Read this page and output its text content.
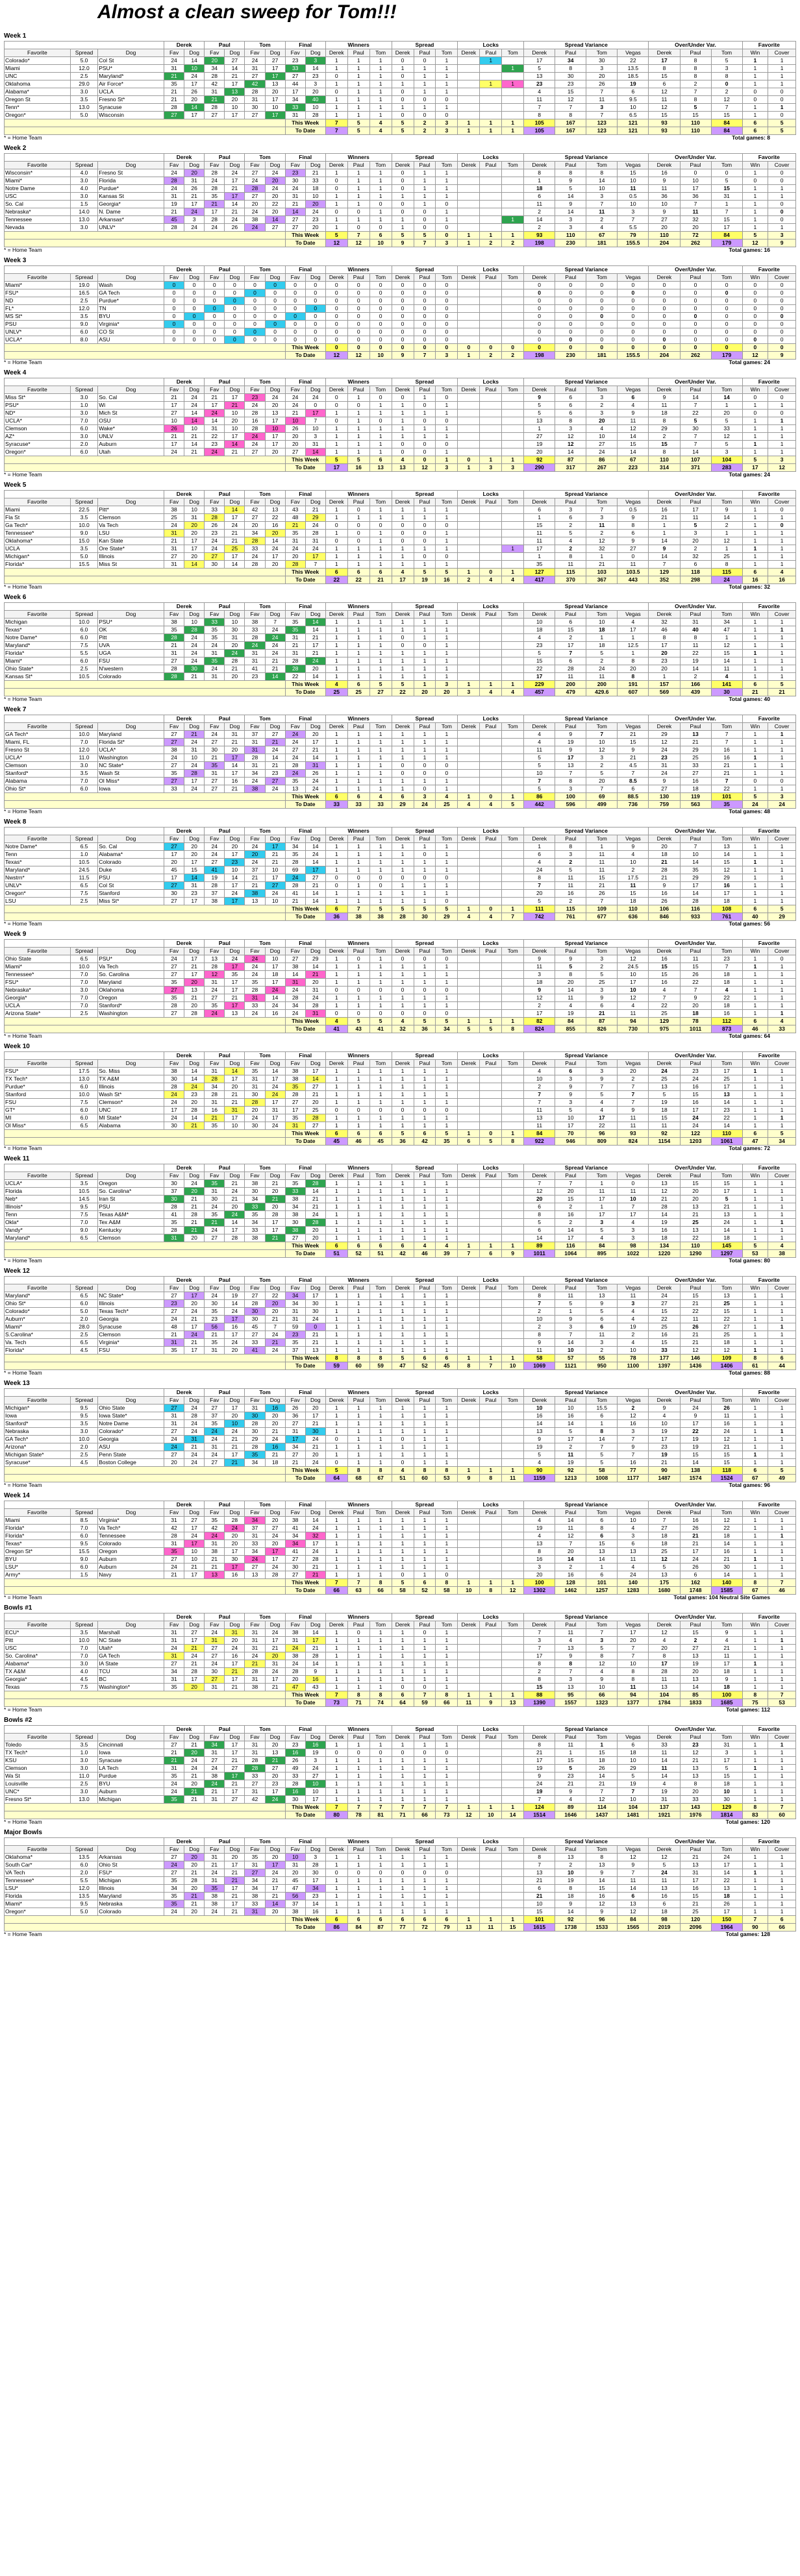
Almost a clean sweep for Tom!!!
Week 1
			Derek		Paul		Tom		Final		Winners			Spread			Locks			Spread Variance				Over/Under Var.			Favorite	
Favorite	Spread	Dog	Fav	Dog	Fav	Dog	Fav	Dog	Fav	Dog	Derek	Paul	Tom	Derek	Paul	Tom	Derek	Paul	Tom	Derek	Paul	Tom	Vegas	Derek	Paul	Tom	Win	Cover
Colorado*	5.0	Col St	24	14	20	27	24	27	23	3	1	1	1	0	0	1		1		17	34	30	22	17	8	5	1	1
Miami	12.0	PSU*	31	10	34	14	31	17	33	14	1	1	1	1	1	1			1	5	8	3	13.5	8	8	3	1	1
UNC	2.5	Maryland*	21	24	28	21	27	17	27	23	0	1	1	0	1	1				13	30	20	18.5	15	8	8	1	1
Oklahoma	29.0	Air Force*	35	17	42	17	42	13	44	3	1	1	1	1	1	1		1	1	23	23	26	19	6	2	0	1	1
Alabama*	3.0	UCLA	21	26	31	13	28	20	17	20	0	1	1	0	1	1				4	15	7	6	12	7	2	0	0
Oregon St	3.5	Fresno St*	21	20	21	20	31	17	34	40	1	1	1	0	0	0				11	12	11	9.5	11	8	12	0	0
Tenn*	13.0	Syracuse	28	14	28	10	30	10	33	10	1	1	1	1	1	1				7	7	3	10	12	5	7	1	1
Oregon*	5.0	Wisconsin	27	17	27	17	27	17	31	28	1	1	1	0	0	0				8	8	7	6.5	15	15	15	1	0
									This Week		7	5	4	5	2	3	1	1	1	105	167	123	121	93	110	84	6	5
									To Date		7	5	4	5	2	3	1	1	1	105	167	123	121	93	110	84	6	5
* = Home Team	Total games: 8
Week 2
			Derek		Paul		Tom		Final		Winners			Spread			Locks			Spread Variance				Over/Under Var.			Favorite	
Favorite	Spread	Dog	Fav	Dog	Fav	Dog	Fav	Dog	Fav	Dog	Derek	Paul	Tom	Derek	Paul	Tom	Derek	Paul	Tom	Derek	Paul	Tom	Vegas	Derek	Paul	Tom	Win	Cover
Wisconsin*	4.0	Fresno St	24	20	28	24	27	24	23	21	1	1	1	0	1	1				8	8	8	15	16	0	0	1	0
Miami*	3.0	Florida	28	31	24	17	24	20	30	33	0	1	1	0	1	1				1	9	14	10	9	10	5	0	0
Notre Dame	4.0	Purdue*	24	26	28	21	28	24	24	18	0	1	1	0	1	1				18	5	10	11	11	17	15	1	1
USC	3.0	Kansas St	31	21	35	17	27	20	31	10	1	1	1	1	1	1				6	14	3	0.5	36	36	31	1	1
So. Cal	1.5	Georgia*	19	17	21	14	20	22	21	20	1	1	0	0	1	0				11	9	7	10	10	7	1	1	0
Nebraska*	14.0	N. Dame	21	24	17	21	24	20	14	24	0	0	1	0	0	1				2	14	11	3	9	11	7	1	0
Tennessee	13.0	Arkansas*	45	3	28	24	38	14	27	23	1	1	1	1	0	1			1	14	3	2	7	27	32	15	1	0
Nevada	3.0	UNLV*	28	24	24	26	24	27	27	20	1	0	0	1	0	0				2	3	4	5.5	20	20	17	1	1
									This Week		5	7	6	5	5	0	1	1	1	93	110	67	79	110	72	84	5	3
									To Date		12	12	10	9	7	3	1	2	2	198	230	181	155.5	204	262	179	12	9
* = Home Team	Total games: 16
Week 3
			Derek		Paul		Tom		Final		Winners			Spread			Locks			Spread Variance				Over/Under Var.			Favorite	
Favorite	Spread	Dog	Fav	Dog	Fav	Dog	Fav	Dog	Fav	Dog	Derek	Paul	Tom	Derek	Paul	Tom	Derek	Paul	Tom	Derek	Paul	Tom	Vegas	Derek	Paul	Tom	Win	Cover
Miami*	19.0	Wash	0	0	0	0	0	0	0	0	0	0	0	0	0	0				0	0	0	0	0	0	0	0	0
FSU*	16.5	GA Tech	0	0	0	0	0	0	0	0	0	0	0	0	0	0				0	0	0	0	0	0	0	0	0
ND	2.5	Purdue*	0	0	0	0	0	0	0	0	0	0	0	0	0	0				0	0	0	0	0	0	0	0	0
FL*	12.0	TN	0	0	0	0	0	0	0	0	0	0	0	0	0	0				0	0	0	0	0	0	0	0	0
MS St*	3.5	BYU	0	0	0	0	0	0	0	0	0	0	0	0	0	0				0	0	0	0	0	0	0	0	0
PSU	9.0	Virginia*	0	0	0	0	0	0	0	0	0	0	0	0	0	0				0	0	0	0	0	0	0	0	0
UNLV*	6.0	CO St	0	0	0	0	0	0	0	0	0	0	0	0	0	0				0	0	0	0	0	0	0	0	0
UCLA*	8.0	ASU	0	0	0	0	0	0	0	0	0	0	0	0	0	0				0	0	0	0	0	0	0	0	0
									This Week		0	0	0	0	0	0	0	0	0	0	0	0	0	0	0	0	0	0
									To Date		12	12	10	9	7	3	1	2	2	198	230	181	155.5	204	262	179	12	9
* = Home Team	Total games: 24
Week 4
			Derek		Paul		Tom		Final		Winners			Spread			Locks			Spread Variance				Over/Under Var.			Favorite	
Favorite	Spread	Dog	Fav	Dog	Fav	Dog	Fav	Dog	Fav	Dog	Derek	Paul	Tom	Derek	Paul	Tom	Derek	Paul	Tom	Derek	Paul	Tom	Vegas	Derek	Paul	Tom	Win	Cover
Miss St*	3.0	So. Cal	21	24	21	17	23	24	24	24	0	1	0	0	1	0				9	6	3	6	9	14	14	0	0
PSU*	1.0	Wi	17	24	17	21	24	20	24	0	0	0	1	1	0	1				5	6	2	4	11	7	1	1	1
ND*	3.0	Mich St	27	14	24	10	28	13	21	17	1	1	1	1	1	1				5	6	3	9	18	22	20	0	0
UCLA*	7.0	OSU	10	14	14	20	16	17	10	7	0	1	0	1	0	0				13	8	20	11	8	5	5	1	1
Clemson	6.0	Wake*	26	10	31	10	28	10	26	10	1	1	1	1	1	1				1	3	4	12	29	30	33	1	1
AZ*	3.0	UNLV	21	21	22	17	24	17	20	3	1	1	1	1	1	1				27	12	10	14	2	7	12	1	1
Syracuse*	2.0	Auburn	17	14	23	14	24	17	20	31	1	1	1	0	0	0				19	12	27	15	15	7	5	1	1
Oregon*	6.0	Utah	24	21	24	21	27	20	27	14	1	1	1	0	0	1				20	14	24	14	8	14	3	1	1
									This Week		5	5	6	4	0	1	0	1	1	92	87	86	67	110	107	104	5	3
									To Date		17	16	13	13	12	3	1	3	3	290	317	267	223	314	371	283	17	12
* = Home Team	Total games: 24
Week 5
			Derek		Paul		Tom		Final		Winners			Spread			Locks			Spread Variance				Over/Under Var.			Favorite	
Favorite	Spread	Dog	Fav	Dog	Fav	Dog	Fav	Dog	Fav	Dog	Derek	Paul	Tom	Derek	Paul	Tom	Derek	Paul	Tom	Derek	Paul	Tom	Vegas	Derek	Paul	Tom	Win	Cover
Miami	22.5	Pitt*	38	10	33	14	42	13	43	21	1	0	1	1	1	1				6	3	7	0.5	16	17	9	1	0
Fla St	3.5	Clemson	25	31	28	17	27	22	48	29	1	1	1	1	1	1				1	6	3	9	21	11	14	1	1
Ga Tech*	10.0	Va Tech	24	20	26	24	20	16	21	24	0	0	0	0	0	0				15	2	11	8	1	5	2	1	0
Tennessee*	9.0	LSU	31	20	23	21	34	20	35	28	1	0	1	0	0	1				11	5	2	6	1	3	1	1	1
Oklahoma*	15.0	Kan State	21	17	24	21	28	14	31	31	0	0	1	0	0	1				11	4	12	9	14	20	12	1	1
UCLA	3.5	Ore State*	31	17	24	25	33	24	24	24	1	1	1	1	1	1			1	17	2	32	27	9	2	1	1	1
Michigan*	5.0	Illinois	27	20	27	17	24	17	20	17	1	1	1	1	0	0				1	8	1	0	14	32	25	1	1
Florida*	15.5	Miss St	31	14	30	14	28	20	28	7	1	1	1	1	1	1				35	11	21	11	7	6	8	1	1
									This Week		6	6	6	4	5	5	1	0	1	127	115	103	103.5	129	118	115	6	4
									To Date		22	22	21	17	19	16	2	4	4	417	370	367	443	352	298	24	16	16
* = Home Team	Total games: 32
Week 6
			Derek		Paul		Tom		Final		Winners			Spread			Locks			Spread Variance				Over/Under Var.			Favorite	
Favorite	Spread	Dog	Fav	Dog	Fav	Dog	Fav	Dog	Fav	Dog	Derek	Paul	Tom	Derek	Paul	Tom	Derek	Paul	Tom	Derek	Paul	Tom	Vegas	Derek	Paul	Tom	Win	Cover
Michigan	10.0	PSU*	38	10	33	10	38	7	35	14	1	1	1	1	1	1				10	6	10	4	32	31	34	1	1
Texas*	6.0	OK	35	28	35	30	33	24	35	14	1	1	1	1	1	1				18	15	18	17	46	40	47	1	1
Notre Dame*	6.0	Pitt	28	24	35	31	28	24	31	21	1	1	1	0	1	1				4	2	1	1	8	8	1	1	1
Maryland*	7.5	UVA	21	24	24	20	24	24	21	17	1	1	1	0	0	1				23	17	18	12.5	17	11	12	1	1
Florida*	5.5	UGA	31	24	31	24	31	24	31	21	1	1	1	1	1	1				5	7	5	1	20	22	15	1	1
Miami*	6.0	FSU	27	24	35	28	31	21	28	24	1	1	1	1	1	1				15	6	2	8	23	19	14	1	1
Ohio State*	2.5	N'western	28	30	24	21	41	21	28	20	1	1	1	1	1	1				22	28	24	20	20	14	11	1	1
Kansas St*	10.5	Colorado	28	21	31	20	23	14	22	14	1	1	1	1	1	1				17	11	11	8	1	2	4	1	1
									This Week		4	6	5	5	1	3	1	1	1	229	200	200	191	157	166	141	6	5
									To Date		25	25	27	22	20	20	3	4	4	457	479	429.6	607	569	439	30	21	21
* = Home Team	Total games: 40
Week 7
			Derek		Paul		Tom		Final		Winners			Spread			Locks			Spread Variance				Over/Under Var.			Favorite	
Favorite	Spread	Dog	Fav	Dog	Fav	Dog	Fav	Dog	Fav	Dog	Derek	Paul	Tom	Derek	Paul	Tom	Derek	Paul	Tom	Derek	Paul	Tom	Vegas	Derek	Paul	Tom	Win	Cover
GA Tech*	10.0	Maryland	27	21	24	31	37	27	24	20	1	1	1	1	1	1				4	9	7	21	29	13	7	1	1
Miami, FL	7.0	Florida St*	27	24	27	21	31	21	24	17	1	1	1	1	1	1				4	19	10	15	12	21	7	1	1
Fresno St	12.0	UCLA*	38	31	30	20	31	24	27	21	1	1	1	1	1	1				11	9	12	9	24	29	16	1	1
UCLA*	11.0	Washington	24	10	21	17	28	14	24	14	1	1	1	1	1	1				5	17	3	21	23	25	16	1	1
Clemson	3.0	NC State*	27	24	35	14	31	21	28	31	1	1	1	0	0	0				5	13	2	4.5	31	33	21	1	1
Stanford*	3.5	Wash St	35	28	31	17	34	23	24	26	1	1	1	0	0	0				10	7	5	7	24	27	21	1	1
Alabama	7.0	Ol Miss*	27	17	27	16	24	27	35	24	1	1	1	1	1	1				7	8	20	8.5	9	16	7	0	0
Ohio St*	6.0	Iowa	33	24	27	21	38	24	13	24	1	1	1	1	0	1				5	3	7	6	27	18	22	1	1
									This Week		6	6	4	6	3	4	1	0	1	86	100	69	88.5	130	119	101	5	3
									To Date		33	33	33	29	24	25	4	4	5	442	596	499	736	759	563	35	24	24
* = Home Team	Total games: 48
Week 8
			Derek		Paul		Tom		Final		Winners			Spread			Locks			Spread Variance				Over/Under Var.			Favorite	
Favorite	Spread	Dog	Fav	Dog	Fav	Dog	Fav	Dog	Fav	Dog	Derek	Paul	Tom	Derek	Paul	Tom	Derek	Paul	Tom	Derek	Paul	Tom	Vegas	Derek	Paul	Tom	Win	Cover
Notre Dame*	6.5	So. Cal	27	20	24	20	24	17	34	14	1	1	1	1	1	1				1	8	1	9	20	7	13	1	1
Tenn	1.0	Alabama*	17	20	24	17	20	21	35	24	1	1	1	1	0	1				6	3	11	4	18	10	14	1	1
Texas*	10.5	Colorado	20	17	27	23	24	21	28	14	1	1	1	1	1	1				4	2	11	10	21	14	15	1	1
Maryland*	24.5	Duke	45	15	41	10	37	10	69	17	1	1	1	1	1	1				24	5	11	2	28	35	12	1	1
Nwstrn*	11.5	PSU	17	14	19	14	21	17	24	27	0	0	0	0	0	0				8	11	15	17.5	21	29	29	1	1
UNLV*	6.5	Col St	27	31	28	17	21	27	28	21	0	1	0	1	1	1				7	11	21	11	9	17	16	1	1
Oregon*	7.5	Stanford	30	23	37	24	38	24	41	14	1	1	1	1	1	1				20	16	26	15	16	14	17	1	1
LSU	2.5	Miss St*	27	17	38	17	13	10	21	14	1	1	1	1	1	0				5	2	7	18	26	28	18	1	1
									This Week		6	7	5	5	5	5	1	0	1	111	115	109	110	106	116	108	6	5
									To Date		36	38	38	28	30	29	4	4	7	742	761	677	636	846	933	761	40	29
* = Home Team	Total games: 56
Week 9
			Derek		Paul		Tom		Final		Winners			Spread			Locks			Spread Variance				Over/Under Var.			Favorite	
Favorite	Spread	Dog	Fav	Dog	Fav	Dog	Fav	Dog	Fav	Dog	Derek	Paul	Tom	Derek	Paul	Tom	Derek	Paul	Tom	Derek	Paul	Tom	Vegas	Derek	Paul	Tom	Win	Cover
Ohio State	6.5	PSU*	24	17	13	24	24	10	27	29	1	0	1	0	0	0				9	9	3	12	16	11	23	1	0
Miami*	10.0	Va Tech	27	21	28	17	24	17	38	14	1	1	1	1	1	1				11	5	2	24.5	15	15	7	1	1
Tennessee*	7.0	So. Carolina	27	17	12	35	24	18	14	21	1	1	1	1	1	1				3	8	5	10	15	26	18	1	1
FSU*	7.0	Maryland	35	20	31	17	35	17	31	20	1	1	1	1	1	1				18	20	25	17	16	22	18	1	1
Nebraska*	3.0	Oklahoma	27	13	24	17	28	24	24	31	0	0	0	0	0	0				9	14	3	10	4	7	4	1	1
Georgia*	7.0	Oregon	35	21	27	21	31	14	28	24	1	1	1	1	1	1				12	11	9	12	7	9	22	1	1
UCLA	7.0	Stanford*	28	20	35	17	33	24	34	28	1	1	1	1	1	1				2	4	6	4	22	20	18	1	1
Arizona State*	2.5	Washington	27	28	24	13	24	16	24	31	0	0	0	0	0	0				17	19	21	11	25	18	16	1	1
									This Week		4	5	5	4	5	5	1	1	1	82	84	87	94	129	78	112	6	4
									To Date		41	43	41	32	36	34	5	5	8	824	855	826	730	975	1011	873	46	33
* = Home Team	Total games: 64
Week 10
			Derek		Paul		Tom		Final		Winners			Spread			Locks			Spread Variance				Over/Under Var.			Favorite	
Favorite	Spread	Dog	Fav	Dog	Fav	Dog	Fav	Dog	Fav	Dog	Derek	Paul	Tom	Derek	Paul	Tom	Derek	Paul	Tom	Derek	Paul	Tom	Vegas	Derek	Paul	Tom	Win	Cover
FSU*	17.5	So. Miss	38	14	31	14	35	14	38	17	1	1	1	1	1	1				4	6	3	20	24	23	17	1	1
TX Tech*	13.0	TX A&M	30	14	28	17	31	17	38	14	1	1	1	1	1	1				10	3	9	2	25	24	25	1	1
Purdue*	6.0	Illinois	28	24	34	20	31	24	35	27	1	1	1	1	1	1				2	9	7	7	13	16	17	1	1
Stanford	10.0	Wash St*	24	23	28	21	30	24	28	21	1	1	1	1	1	1				7	9	5	7	5	15	13	1	1
FSU	7.5	Clemson*	24	20	31	21	28	17	27	20	1	1	1	1	1	1				7	3	4	7	19	16	14	1	1
GT*	6.0	UNC	17	28	16	31	20	31	17	25	0	0	0	0	0	0				11	5	4	9	18	17	23	1	1
MI	6.0	MI State*	24	14	21	17	24	17	35	28	1	1	1	1	1	1				13	10	17	11	15	24	22	1	1
Ol Miss*	6.5	Alabama	30	21	35	10	30	24	31	27	1	1	1	1	1	1				11	17	22	11	11	24	14	1	1
									This Week		6	6	6	5	6	5	1	0	1	84	70	96	93	92	122	110	6	5
									To Date		45	46	45	36	42	35	6	5	8	922	946	809	824	1154	1203	1061	47	34
* = Home Team	Total games: 72
Week 11
			Derek		Paul		Tom		Final		Winners			Spread			Locks			Spread Variance				Over/Under Var.			Favorite	
Favorite	Spread	Dog	Fav	Dog	Fav	Dog	Fav	Dog	Fav	Dog	Derek	Paul	Tom	Derek	Paul	Tom	Derek	Paul	Tom	Derek	Paul	Tom	Vegas	Derek	Paul	Tom	Win	Cover
UCLA*	3.5	Oregon	30	24	35	21	38	21	35	28	1	1	1	1	1	1				7	7	1	0	13	15	15	1	1
Florida	10.5	So. Carolina*	37	20	31	24	30	20	33	14	1	1	1	1	1	1				12	20	11	11	12	20	17	1	1
Neb*	14.5	Iran St	30	21	30	21	34	21	38	21	1	1	1	1	1	1				20	15	17	10	21	20	5	1	1
Illinois*	9.5	PSU	28	21	24	20	33	20	34	21	1	1	1	1	1	1				6	2	1	7	28	13	21	1	1
Tenn	7.5	Texas A&M*	41	28	35	24	35	28	38	24	1	1	1	1	1	1				8	16	17	17	14	21	13	1	1
Okla*	7.0	Tex A&M	35	21	21	14	34	17	30	28	1	1	1	1	1	1				5	2	3	4	19	25	24	1	1
Vandy*	9.0	Kentucky	28	21	24	17	33	17	38	20	1	1	1	1	1	1				6	14	5	3	16	13	14	1	1
Maryland*	6.5	Clemson	31	20	27	28	38	21	27	20	1	1	1	1	1	1				14	17	4	3	18	22	18	1	1
									This Week		6	6	6	6	4	4	1	1	1	89	116	84	98	134	110	145	5	4
									To Date		51	52	51	42	46	39	7	6	9	1011	1064	895	1022	1220	1290	1297	53	38
* = Home Team	Total games: 80
Week 12
			Derek		Paul		Tom		Final		Winners			Spread			Locks			Spread Variance				Over/Under Var.			Favorite	
Favorite	Spread	Dog	Fav	Dog	Fav	Dog	Fav	Dog	Fav	Dog	Derek	Paul	Tom	Derek	Paul	Tom	Derek	Paul	Tom	Derek	Paul	Tom	Vegas	Derek	Paul	Tom	Win	Cover
Maryland*	6.5	NC State*	27	17	24	19	27	22	34	17	1	1	1	1	1	1				8	11	13	11	24	15	13	1	1
Ohio St*	6.0	Illinois	23	20	30	14	28	20	34	30	1	1	1	1	1	1				7	5	9	3	27	21	25	1	1
Colorado*	5.0	Texas Tech*	27	24	35	24	30	20	31	30	1	1	1	1	1	1				2	1	5	4	15	22	15	1	1
Auburn*	2.0	Georgia	24	21	23	17	30	21	31	24	1	1	1	1	1	1				10	9	6	4	22	11	22	1	1
Miami*	28.0	Syracuse	48	17	56	16	45	7	59	0	1	1	1	1	1	1				2	3	6	19	25	26	27	1	1
S.Carolina*	2.5	Clemson	21	24	21	17	27	24	23	21	1	1	1	1	1	1				8	7	11	2	16	21	25	1	1
Va. Tech	6.5	Virginia*	31	21	35	24	33	21	35	21	1	1	1	1	1	1				9	14	3	4	15	21	18	1	1
Florida*	4.5	FSU	35	17	31	20	41	24	37	13	1	1	1	1	1	1				11	10	2	10	33	12	12	1	1
									This Week		8	8	8	5	6	6	1	1	1	58	57	55	78	177	146	109	8	6
									To Date		59	60	59	47	52	45	8	7	10	1069	1121	950	1100	1397	1436	1406	61	44
* = Home Team	Total games: 88
Week 13
			Derek		Paul		Tom		Final		Winners			Spread			Locks			Spread Variance				Over/Under Var.			Favorite	
Favorite	Spread	Dog	Fav	Dog	Fav	Dog	Fav	Dog	Fav	Dog	Derek	Paul	Tom	Derek	Paul	Tom	Derek	Paul	Tom	Derek	Paul	Tom	Vegas	Derek	Paul	Tom	Win	Cover
Michigan*	9.5	Ohio State	27	24	27	17	31	16	26	20	1	1	1	1	1	1				10	10	15.5	2	9	24	26	1	1
Iowa	9.5	Iowa State*	31	28	37	20	30	20	36	17	1	1	1	1	1	1				16	16	6	12	4	9	11	1	1
Stanford*	3.5	Notre Dame	31	24	35	10	28	20	27	21	1	1	1	1	1	1				14	14	1	16	10	17	16	1	1
Nebraska	3.0	Colorado*	27	24	24	24	30	21	31	30	1	1	1	1	1	1				13	5	8	3	19	22	24	1	1
GA Tech*	10.0	Georgia	24	31	24	21	29	24	17	24	0	1	1	0	1	1				9	17	14	7	17	19	12	1	1
Arizona*	2.0	ASU	24	21	31	21	28	16	34	21	1	1	1	1	1	1				19	2	7	9	23	19	21	1	1
Michigan State*	2.5	Penn State	27	24	24	17	35	21	27	20	1	1	1	1	1	1				5	11	5	7	19	15	15	1	1
Syracuse*	4.5	Boston College	20	24	27	21	34	18	21	24	0	1	1	0	1	1				4	19	5	16	21	14	15	1	1
									This Week		5	8	8	4	8	8	1	1	1	90	92	58	77	90	138	118	6	5
									To Date		64	68	67	51	60	53	9	8	11	1159	1213	1008	1177	1487	1574	1524	67	49
* = Home Team	Total games: 96
Week 14
			Derek		Paul		Tom		Final		Winners			Spread			Locks			Spread Variance				Over/Under Var.			Favorite	
Favorite	Spread	Dog	Fav	Dog	Fav	Dog	Fav	Dog	Fav	Dog	Derek	Paul	Tom	Derek	Paul	Tom	Derek	Paul	Tom	Derek	Paul	Tom	Vegas	Derek	Paul	Tom	Win	Cover
Miami	8.5	Virginia*	31	27	35	28	34	20	38	14	1	1	1	1	1	1				4	14	6	10	7	16	12	1	1
Florida*	7.0	Va Tech*	42	17	42	24	37	27	41	24	1	1	1	1	1	1				19	11	8	4	27	26	22	1	1
Florida*	6.0	Tennessee	28	24	24	20	31	24	34	32	1	1	1	1	1	1				4	12	6	3	18	21	18	1	1
Texas*	9.5	Colorado	31	17	31	20	33	20	34	17	1	1	1	1	1	1				13	7	15	6	18	21	14	1	1
Oregon St*	15.5	Oregon	35	10	38	17	34	17	41	24	1	1	1	1	1	1				8	20	13	13	25	17	16	1	1
BYU	9.0	Auburn	27	10	21	30	24	17	27	28	1	1	1	1	1	1				16	14	14	11	12	24	21	1	1
LSU*	6.0	Auburn	24	21	21	17	27	24	30	21	1	1	1	1	1	1				3	2	1	4	5	26	30	1	1
Army*	1.5	Navy	21	17	13	16	13	28	27	21	1	1	1	0	1	0				20	16	6	24	13	6	14	1	1
									This Week		7	7	8	5	6	8	1	1	1	100	128	101	140	175	162	140	8	7
									To Date		66	63	66	58	52	58	10	8	12	1302	1462	1257	1283	1680	1748	1585	67	46
* = Home Team	Total games: 104 Neutral Site Games
Bowls #1
			Derek		Paul		Tom		Final		Winners			Spread			Locks			Spread Variance				Over/Under Var.			Favorite	
Favorite	Spread	Dog	Fav	Dog	Fav	Dog	Fav	Dog	Fav	Dog	Derek	Paul	Tom	Derek	Paul	Tom	Derek	Paul	Tom	Derek	Paul	Tom	Vegas	Derek	Paul	Tom	Win	Cover
ECU*	3.5	Marshall	31	27	24	31	31	24	38	14	1	0	1	1	0	1				7	11	7	17	12	15	9	1	1
Pitt	10.0	NC State	31	17	31	20	31	17	31	17	1	1	1	1	1	1				3	4	3	20	4	2	4	1	1
USC	7.0	Utah*	24	21	27	24	31	21	24	21	1	1	1	1	1	1				7	13	5	7	20	27	21	1	1
So. Carolina*	7.0	GA Tech	31	24	27	16	24	20	38	28	1	1	1	1	1	1				17	9	8	7	8	13	11	1	1
Alabama*	3.0	IA State	27	21	24	17	21	31	24	14	1	1	1	1	1	1				8	8	12	10	17	19	17	1	1
TX A&M	4.0	TCU	34	28	30	21	28	24	28	9	1	1	1	1	1	1				2	7	4	8	28	20	18	1	1
Georgia*	4.5	BC	31	17	27	17	31	17	20	16	1	1	1	1	1	1				8	3	9	8	11	13	9	1	1
Texas	7.5	Washington*	35	20	31	21	38	21	47	43	1	1	1	0	0	1				15	13	10	11	13	14	18	1	1
									This Week		7	8	8	6	7	8	1	1	1	88	95	66	94	104	85	100	8	7
									To Date		73	71	74	64	59	66	11	9	13	1390	1557	1323	1377	1784	1833	1685	75	53
* = Home Team	Total games: 112
Bowls #2
			Derek		Paul		Tom		Final		Winners			Spread			Locks			Spread Variance				Over/Under Var.			Favorite	
Favorite	Spread	Dog	Fav	Dog	Fav	Dog	Fav	Dog	Fav	Dog	Derek	Paul	Tom	Derek	Paul	Tom	Derek	Paul	Tom	Derek	Paul	Tom	Vegas	Derek	Paul	Tom	Win	Cover
Toledo	3.5	Cincinnati	27	21	34	17	31	20	23	16	1	1	1	1	1	1				8	11	1	6	33	23	31	1	1
TX Tech*	1.0	Iowa	21	20	31	17	31	13	16	19	0	0	0	0	0	0				21	1	15	18	11	12	3	1	1
KSU	3.0	Syracuse	21	24	27	21	28	21	26	3	1	1	1	1	1	1				17	15	18	10	14	21	17	1	1
Clemson	3.0	LA Tech	31	24	24	27	28	27	49	24	1	1	1	1	1	1				19	5	26	29	11	13	5	1	1
Wa St	11.0	Purdue	35	21	38	17	33	20	33	27	1	1	1	1	1	1				9	23	14	5	14	13	15	1	1
Louisville	2.5	BYU	24	20	24	21	27	23	28	10	1	1	1	1	1	1				24	21	21	19	4	8	18	1	1
UNC*	3.0	Auburn	24	21	21	17	31	17	16	10	1	1	1	1	1	1				19	9	7	7	19	20	10	1	1
Fresno St*	13.0	Michigan	35	21	31	27	42	24	30	17	1	1	1	1	1	1				7	4	12	10	31	33	30	1	1
									This Week		7	7	7	7	7	7	1	1	1	124	89	114	104	137	143	129	8	7
									To Date		80	78	81	71	66	73	12	10	14	1514	1646	1437	1481	1921	1976	1814	83	60
* = Home Team	Total games: 120
Major Bowls
			Derek		Paul		Tom		Final		Winners			Spread			Locks			Spread Variance				Over/Under Var.			Favorite	
Favorite	Spread	Dog	Fav	Dog	Fav	Dog	Fav	Dog	Fav	Dog	Derek	Paul	Tom	Derek	Paul	Tom	Derek	Paul	Tom	Derek	Paul	Tom	Vegas	Derek	Paul	Tom	Win	Cover
Oklahoma*	13.5	Arkansas	27	20	31	20	35	20	10	3	1	1	1	1	1	1				8	13	8	12	12	21	24	1	1
South Car*	6.0	Ohio St	24	20	21	17	31	17	31	28	1	1	1	1	1	1				7	2	13	9	5	13	17	1	1
VA Tech	2.0	FSU*	27	21	24	21	27	24	20	30	0	0	0	0	0	0				13	10	9	7	24	31	14	1	1
Tennessee*	5.5	Michigan	35	28	31	21	34	21	45	17	1	1	1	1	1	1				21	19	14	11	11	17	22	1	1
LSU*	12.0	Illinois	34	20	35	17	34	17	47	34	1	1	1	1	1	1				6	8	15	14	13	16	13	1	1
Florida	13.5	Maryland	35	21	38	21	38	21	56	23	1	1	1	1	1	1				21	18	16	6	16	15	18	1	1
Miami*	9.5	Nebraska	35	21	38	17	33	14	37	14	1	1	1	1	1	1				10	9	12	13	6	21	26	1	1
Oregon*	5.0	Colorado	24	20	24	21	31	20	38	16	1	1	1	1	1	1				15	14	9	12	18	25	17	1	1
									This Week		6	6	6	6	6	6	1	1	1	101	92	96	84	98	120	150	7	6
									To Date		86	84	87	77	72	79	13	11	15	1615	1738	1533	1565	2019	2096	1964	90	66
* = Home Team	Total games: 128
